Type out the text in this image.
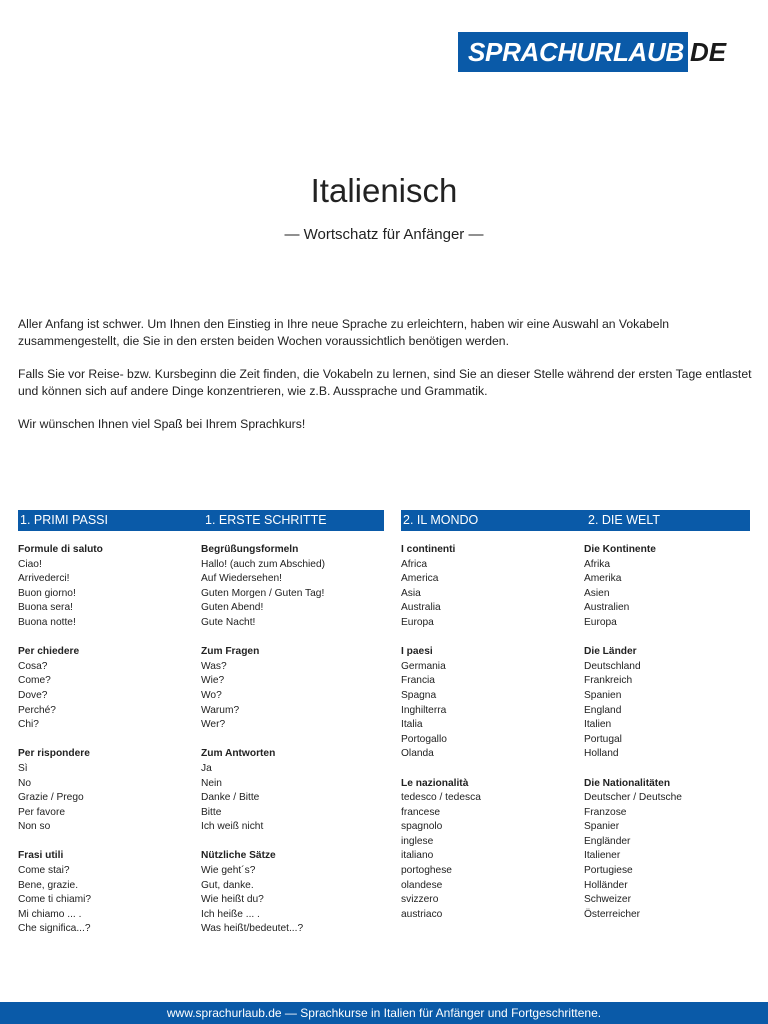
SPRACHURLAUB DE
Italienisch
— Wortschatz für Anfänger —

Aller Anfang ist schwer. Um Ihnen den Einstieg in Ihre neue Sprache zu erleichtern, haben wir eine Auswahl an Vokabeln zusammengestellt, die Sie in den ersten beiden Wochen voraussichtlich benötigen werden.

Falls Sie vor Reise- bzw. Kursbeginn die Zeit finden, die Vokabeln zu lernen, sind Sie an dieser Stelle während der ersten Tage entlastet und können sich auf andere Dinge konzentrieren, wie z.B. Aussprache und Grammatik.

Wir wünschen Ihnen viel Spaß bei Ihrem Sprachkurs!

1. PRIMI PASSI	1. ERSTE SCHRITTE
Formule di saluto
Ciao!
Arrivederci!
Buon giorno!
Buona sera!
Buona notte!
Per chiedere
Cosa?
Come?
Dove?
Perché?
Chi?
Per rispondere
Sì
No
Grazie / Prego
Per favore
Non so
Frasi utili
Come stai?
Bene, grazie.
Come ti chiami?
Mi chiamo ... .
Che significa...?
Begrüßungsformeln
Hallo! (auch zum Abschied)
Auf Wiedersehen!
Guten Morgen / Guten Tag!
Guten Abend!
Gute Nacht!
Zum Fragen
Was?
Wie?
Wo?
Warum?
Wer?
Zum Antworten
Ja
Nein
Danke / Bitte
Bitte
Ich weiß nicht
Nützliche Sätze
Wie geht´s?
Gut, danke.
Wie heißt du?
Ich heiße ... .
Was heißt/bedeutet...?
2. IL MONDO	2. DIE WELT
I continenti
Africa
America
Asia
Australia
Europa
I paesi
Germania
Francia
Spagna
Inghilterra
Italia
Portogallo
Olanda
Le nazionalità
tedesco / tedesca
francese
spagnolo
inglese
italiano
portoghese
olandese
svizzero
austriaco
Die Kontinente
Afrika
Amerika
Asien
Australien
Europa
Die Länder
Deutschland
Frankreich
Spanien
England
Italien
Portugal
Holland
Die Nationalitäten
Deutscher / Deutsche
Franzose
Spanier
Engländer
Italiener
Portugiese
Holländer
Schweizer
Österreicher
www.sprachurlaub.de — Sprachkurse in Italien für Anfänger und Fortgeschrittene.
